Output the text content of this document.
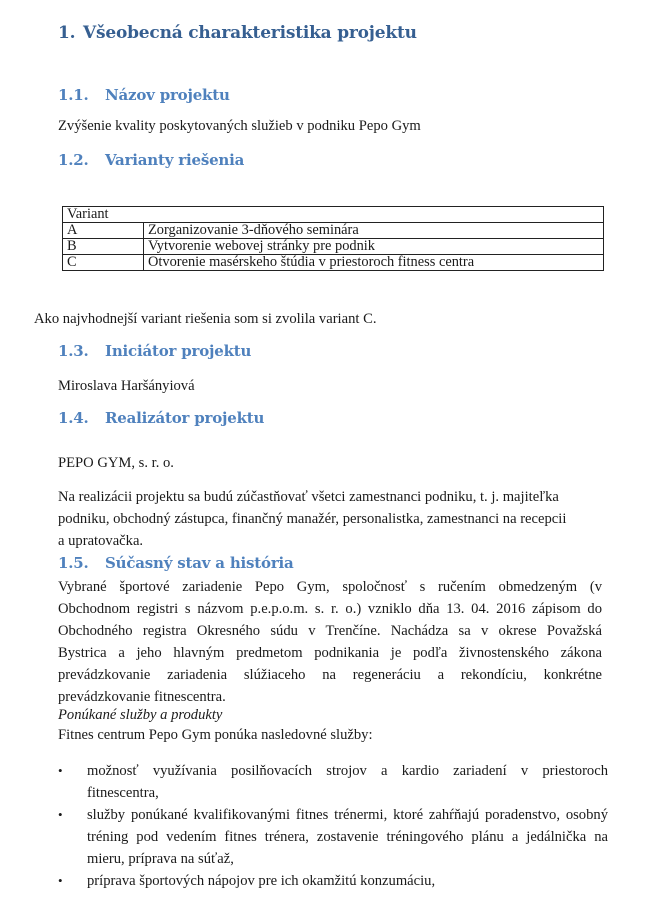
1. Všeobecná charakteristika projektu
1.1. Názov projektu
Zvýšenie kvality poskytovaných služieb v podniku Pepo Gym
1.2. Varianty riešenia
Variant	
A	Zorganizovanie 3-dňového seminára
B	Vytvorenie webovej stránky pre podnik
C	Otvorenie masérskeho štúdia v priestoroch fitness centra
Ako najvhodnejší variant riešenia som si zvolila variant C.
1.3. Iniciátor projektu
Miroslava Haršányiová
1.4. Realizátor projektu
PEPO GYM, s. r. o.
Na realizácii projektu sa budú zúčastňovať všetci zamestnanci podniku, t. j. majiteľka
podniku, obchodný zástupca, finančný manažér, personalistka, zamestnanci na recepcii
a upratovačka.
1.5. Súčasný stav a história
Vybrané športové zariadenie Pepo Gym, spoločnosť s ručením obmedzeným (v
Obchodnom registri s názvom p.e.p.o.m. s. r. o.) vzniklo dňa 13. 04. 2016 zápisom do
Obchodného registra Okresného súdu v Trenčíne. Nachádza sa v okrese Považská
Bystrica a jeho hlavným predmetom podnikania je podľa živnostenského zákona
prevádzkovanie zariadenia slúžiaceho na regeneráciu a rekondíciu, konkrétne
prevádzkovanie fitnescentra.
Ponúkané služby a produkty
Fitnes centrum Pepo Gym ponúka nasledovné služby:
• možnosť využívania posilňovacích strojov a kardio zariadení v priestoroch
fitnescentra,
• služby ponúkané kvalifikovanými fitnes trénermi, ktoré zahŕňajú poradenstvo, osobný
tréning pod vedením fitnes trénera, zostavenie tréningového plánu a jedálnička na
mieru, príprava na súťaž,
• príprava športových nápojov pre ich okamžitú konzumáciu,
